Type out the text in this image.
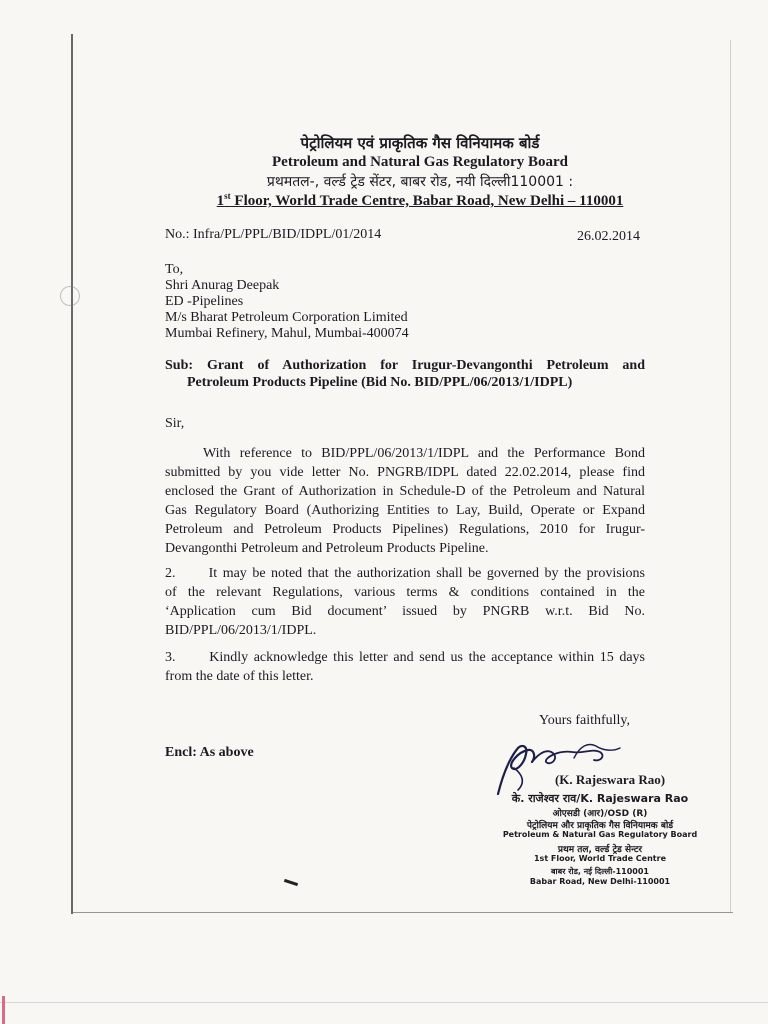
पेट्रोलियम एवं प्राकृतिक गैस विनियामक बोर्ड
Petroleum and Natural Gas Regulatory Board
प्रथमतल-, वर्ल्ड ट्रेड सेंटर, बाबर रोड, नयी दिल्ली110001 :
1st Floor, World Trade Centre, Babar Road, New Delhi – 110001
No.: Infra/PL/PPL/BID/IDPL/01/2014	26.02.2014
To,
Shri Anurag Deepak
ED -Pipelines
M/s Bharat Petroleum Corporation Limited
Mumbai Refinery, Mahul, Mumbai-400074
Sub: Grant of Authorization for Irugur-Devangonthi Petroleum and
Petroleum Products Pipeline (Bid No. BID/PPL/06/2013/1/IDPL)
Sir,
With reference to BID/PPL/06/2013/1/IDPL and the Performance Bond
submitted by you vide letter No. PNGRB/IDPL dated 22.02.2014, please find
enclosed the Grant of Authorization in Schedule-D of the Petroleum and Natural
Gas Regulatory Board (Authorizing Entities to Lay, Build, Operate or Expand
Petroleum and Petroleum Products Pipelines) Regulations, 2010 for Irugur-
Devangonthi Petroleum and Petroleum Products Pipeline.
2.      It may be noted that the authorization shall be governed by the provisions
of the relevant Regulations, various terms & conditions contained in the
‘Application cum Bid document’ issued by PNGRB w.r.t. Bid No.
BID/PPL/06/2013/1/IDPL.
3.      Kindly acknowledge this letter and send us the acceptance within 15 days
from the date of this letter.
Yours faithfully,
Encl: As above
(K. Rajeswara Rao)
के. राजेश्वर राव/K. Rajeswara Rao
ओएसडी (आर)/OSD (R)
पेट्रोलियम और प्राकृतिक गैस विनियामक बोर्ड
Petroleum & Natural Gas Regulatory Board
प्रथम तल, वर्ल्ड ट्रेड सेन्टर
1st Floor, World Trade Centre
बाबर रोड, नई दिल्ली-110001
Babar Road, New Delhi-110001
